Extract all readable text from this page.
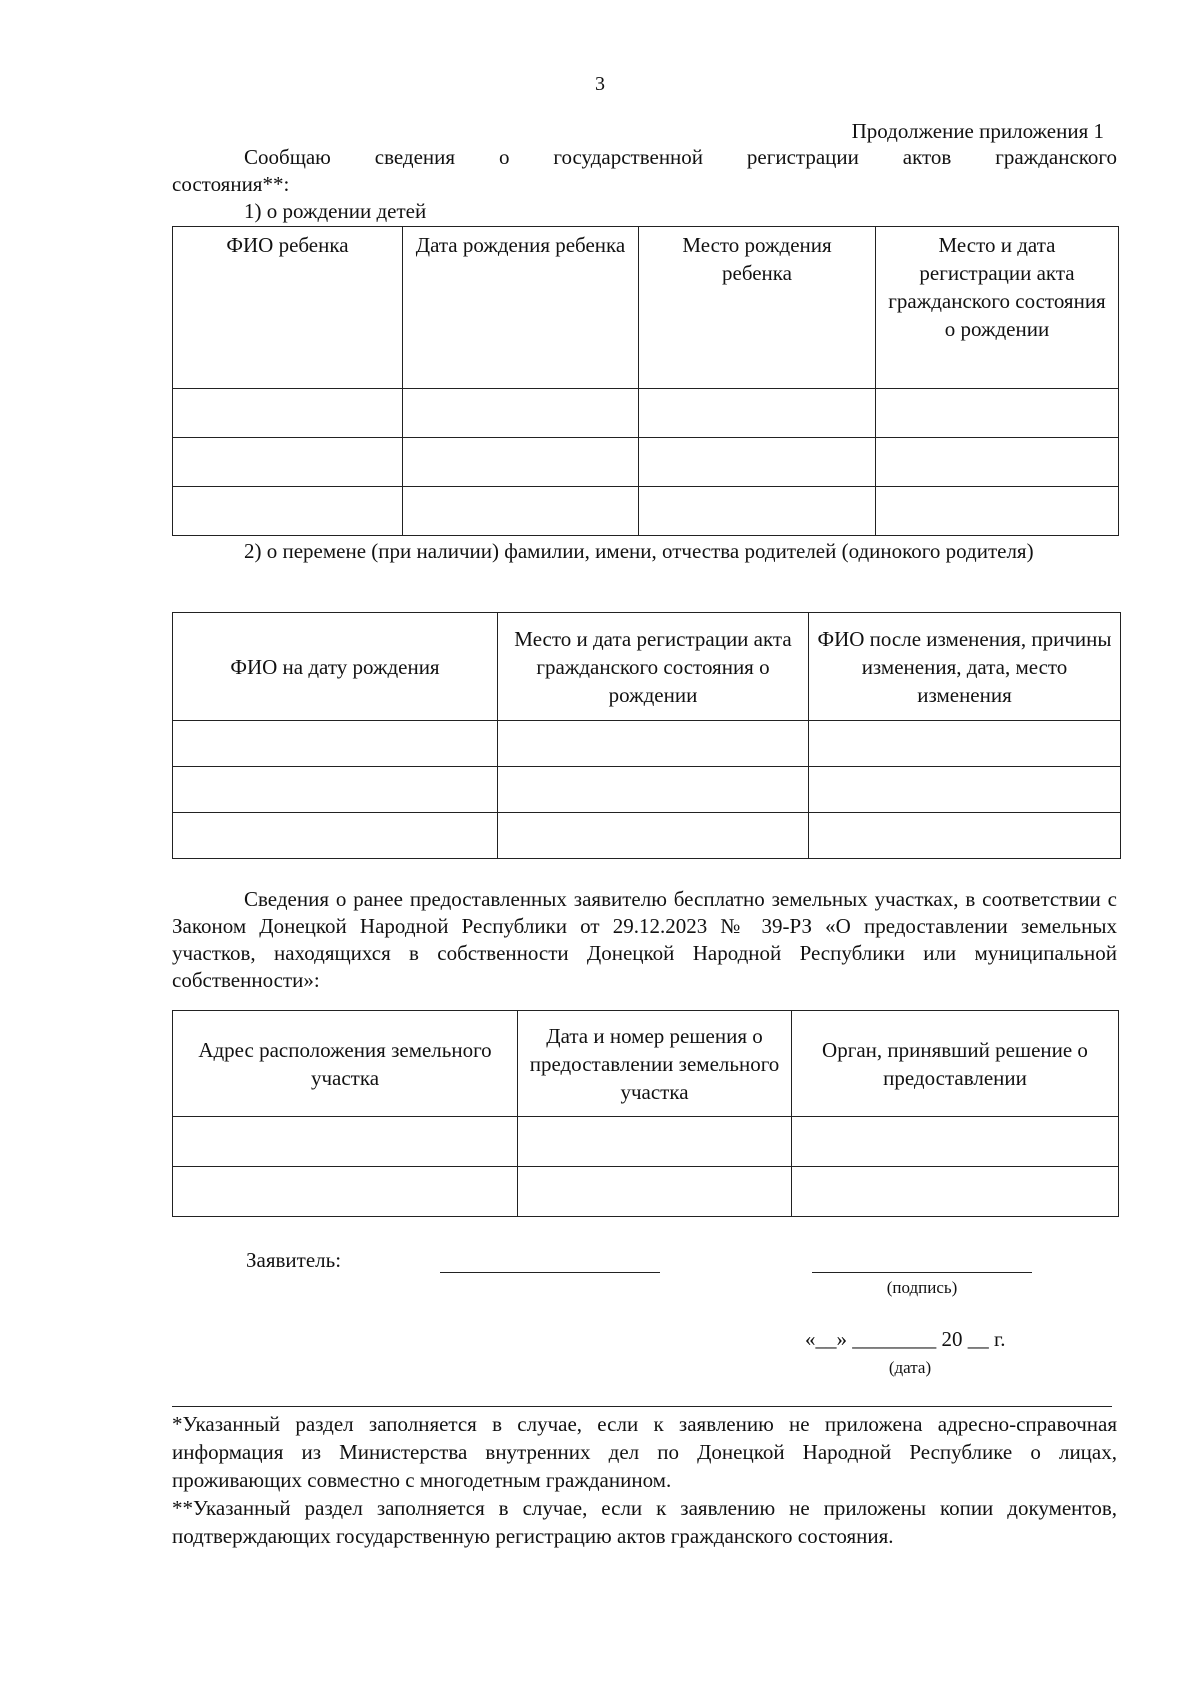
3
Продолжение приложения 1
Сообщаю сведения о государственной регистрации актов гражданского
состояния**:
1) о рождении детей
ФИО ребенка	Дата рождения ребенка	Место рождения ребенка	Место и дата регистрации акта гражданского состояния о рождении

2) о перемене (при наличии) фамилии, имени, отчества родителей (одинокого родителя)
ФИО на дату рождения	Место и дата регистрации акта гражданского состояния о рождении	ФИО после изменения, причины изменения, дата, место изменения

Сведения о ранее предоставленных заявителю бесплатно земельных участках, в соответствии с Законом Донецкой Народной Республики от 29.12.2023 № 39-РЗ «О предоставлении земельных участков, находящихся в собственности Донецкой Народной Республики или муниципальной собственности»:
Адрес расположения земельного участка	Дата и номер решения о предоставлении земельного участка	Орган, принявший решение о предоставлении

Заявитель:
(подпись)
«__» ________ 20 __ г.
(дата)
*Указанный раздел заполняется в случае, если к заявлению не приложена адресно-справочная информация из Министерства внутренних дел по Донецкой Народной Республике о лицах, проживающих совместно с многодетным гражданином.
**Указанный раздел заполняется в случае, если к заявлению не приложены копии документов, подтверждающих государственную регистрацию актов гражданского состояния.
